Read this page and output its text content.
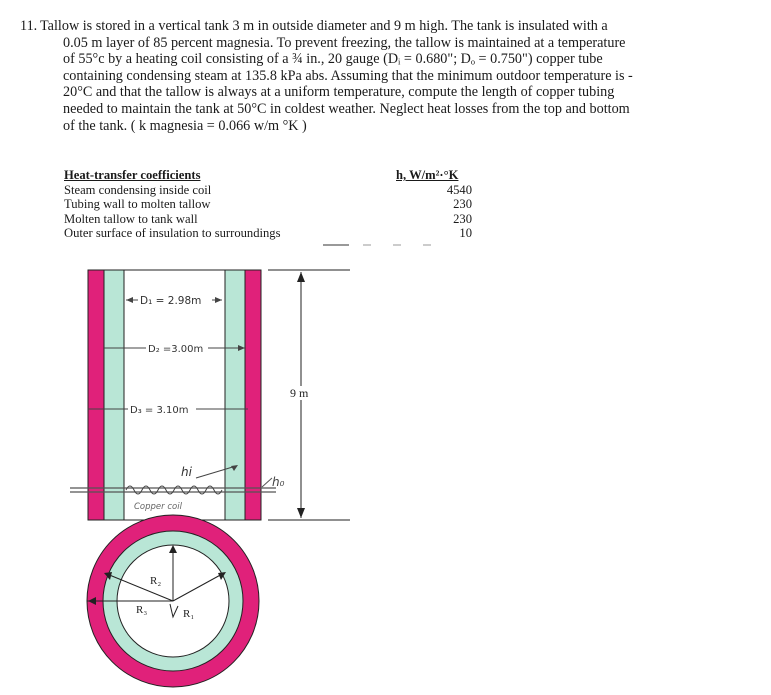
11. Tallow is stored in a vertical tank 3 m in outside diameter and 9 m high. The tank is insulated with a
0.05 m layer of 85 percent magnesia. To prevent freezing, the tallow is maintained at a temperature
of 55°c by a heating coil consisting of a ¾ in., 20 gauge (Dᵢ = 0.680"; Dₒ = 0.750") copper tube
containing condensing steam at 135.8 kPa abs. Assuming that the minimum outdoor temperature is -
20°C and that the tallow is always at a uniform temperature, compute the length of copper tubing
needed to maintain the tank at 50°C in coldest weather. Neglect heat losses from the top and bottom
of the tank. ( k magnesia = 0.066 w/m °K )
Heat-transfer coefficients
Steam condensing inside coil
Tubing wall to molten tallow
Molten tallow to tank wall
Outer surface of insulation to surroundings
h, W/m²·°K
4540
230
230
10
D₁ = 2.98m
D₂ =3.00m
D₃ = 3.10m
hi
Copper coil
h₀
9 m
R₂
R₃	R₁
